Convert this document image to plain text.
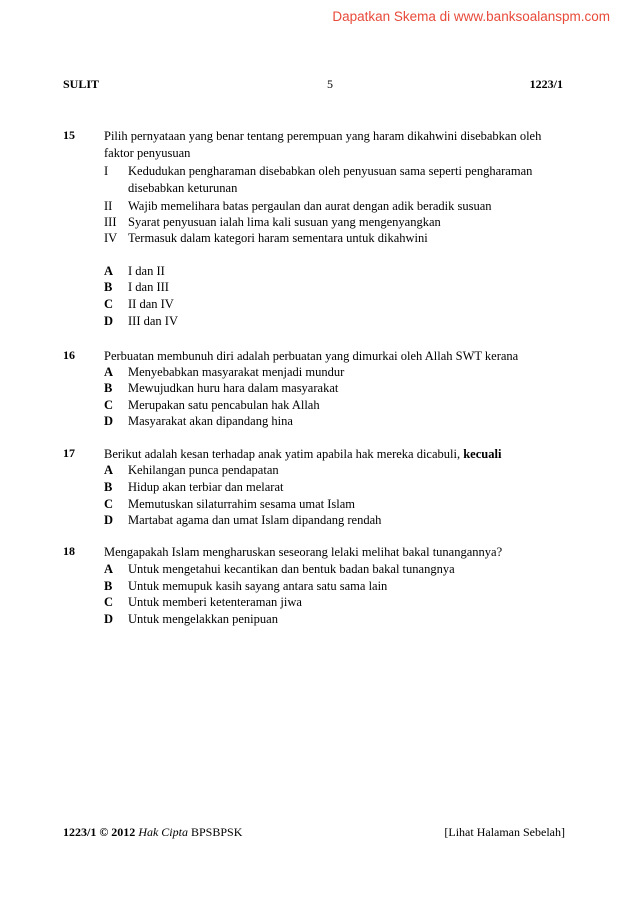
Dapatkan Skema di www.banksoalanspm.com
SULIT	5	1223/1
15 Pilih pernyataan yang benar tentang perempuan yang haram dikahwini disebabkan oleh
faktor penyusuan
I	Kedudukan pengharaman disebabkan oleh penyusuan sama seperti pengharaman
disebabkan keturunan
II	Wajib memelihara batas pergaulan dan aurat dengan adik beradik susuan
III Syarat penyusuan ialah lima kali susuan yang mengenyangkan
IV Termasuk dalam kategori haram sementara untuk dikahwini
A	I dan II
B	I dan III
C	II dan IV
D	III dan IV
16 Perbuatan membunuh diri adalah perbuatan yang dimurkai oleh Allah SWT kerana
A	Menyebabkan masyarakat menjadi mundur
B	Mewujudkan huru hara dalam masyarakat
C	Merupakan satu pencabulan hak Allah
D	Masyarakat akan dipandang hina
17 Berikut adalah kesan terhadap anak yatim apabila hak mereka dicabuli, kecuali
A	Kehilangan punca pendapatan
B	Hidup akan terbiar dan melarat
C	Memutuskan silaturrahim sesama umat Islam
D	Martabat agama dan umat Islam dipandang rendah
18 Mengapakah Islam mengharuskan seseorang lelaki melihat bakal tunangannya?
A	Untuk mengetahui kecantikan dan bentuk badan bakal tunangnya
B	Untuk memupuk kasih sayang antara satu sama lain
C	Untuk memberi ketenteraman jiwa
D	Untuk mengelakkan penipuan
1223/1 © 2012 Hak Cipta BPSBPSK	[Lihat Halaman Sebelah]
